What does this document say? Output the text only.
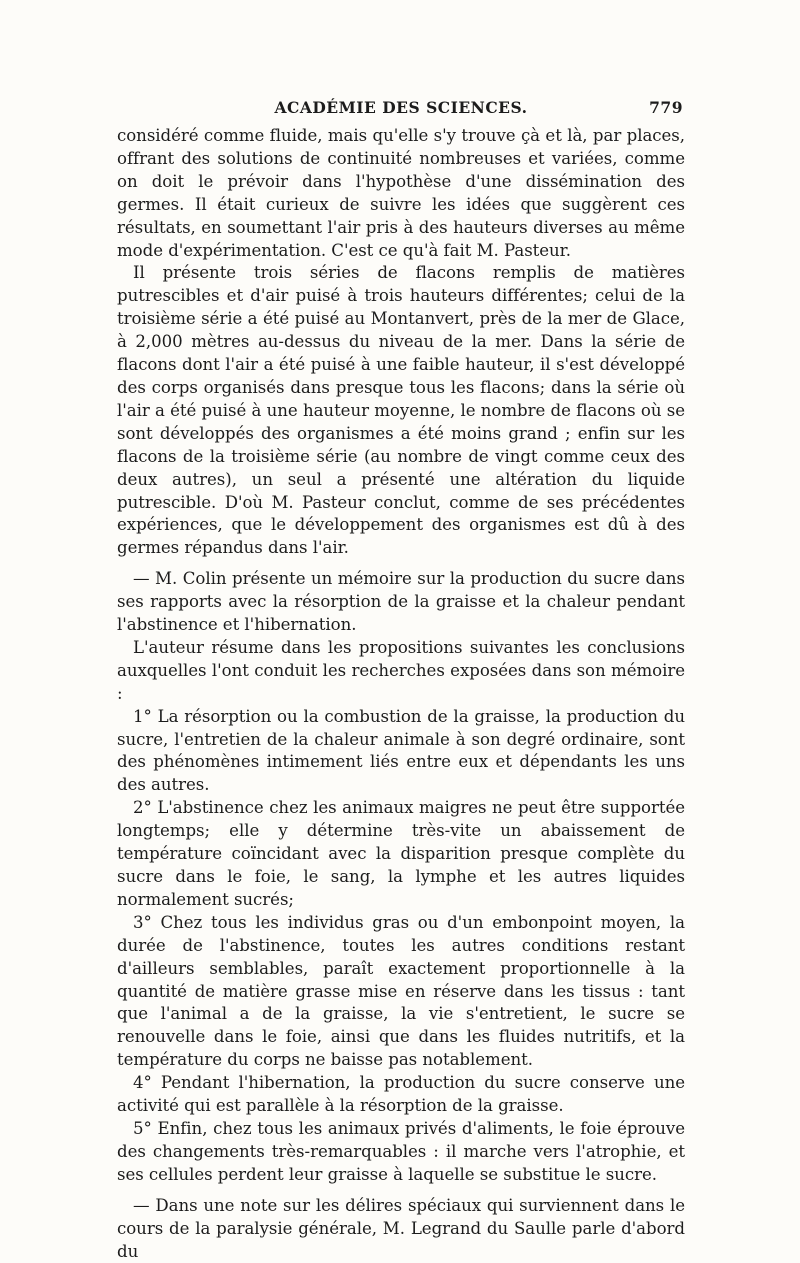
ACADÉMIE DES SCIENCES.	779

considéré comme fluide, mais qu'elle s'y trouve çà et là, par places, offrant des solutions de continuité nombreuses et variées, comme on doit le prévoir dans l'hypothèse d'une dissémination des germes. Il était curieux de suivre les idées que suggèrent ces résultats, en soumettant l'air pris à des hauteurs diverses au même mode d'expérimentation. C'est ce qu'à fait M. Pasteur.

Il présente trois séries de flacons remplis de matières putrescibles et d'air puisé à trois hauteurs différentes; celui de la troisième série a été puisé au Montanvert, près de la mer de Glace, à 2,000 mètres au-dessus du niveau de la mer. Dans la série de flacons dont l'air a été puisé à une faible hauteur, il s'est développé des corps organisés dans presque tous les flacons; dans la série où l'air a été puisé à une hauteur moyenne, le nombre de flacons où se sont développés des organismes a été moins grand ; enfin sur les flacons de la troisième série (au nombre de vingt comme ceux des deux autres), un seul a présenté une altération du liquide putrescible. D'où M. Pasteur conclut, comme de ses précédentes expériences, que le développement des organismes est dû à des germes répandus dans l'air.

— M. Colin présente un mémoire sur la production du sucre dans ses rapports avec la résorption de la graisse et la chaleur pendant l'abstinence et l'hibernation.

L'auteur résume dans les propositions suivantes les conclusions auxquelles l'ont conduit les recherches exposées dans son mémoire :

1° La résorption ou la combustion de la graisse, la production du sucre, l'entretien de la chaleur animale à son degré ordinaire, sont des phénomènes intimement liés entre eux et dépendants les uns des autres.

2° L'abstinence chez les animaux maigres ne peut être supportée longtemps; elle y détermine très-vite un abaissement de température coïncidant avec la disparition presque complète du sucre dans le foie, le sang, la lymphe et les autres liquides normalement sucrés;

3° Chez tous les individus gras ou d'un embonpoint moyen, la durée de l'abstinence, toutes les autres conditions restant d'ailleurs semblables, paraît exactement proportionnelle à la quantité de matière grasse mise en réserve dans les tissus : tant que l'animal a de la graisse, la vie s'entretient, le sucre se renouvelle dans le foie, ainsi que dans les fluides nutritifs, et la température du corps ne baisse pas notablement.

4° Pendant l'hibernation, la production du sucre conserve une activité qui est parallèle à la résorption de la graisse.

5° Enfin, chez tous les animaux privés d'aliments, le foie éprouve des changements très-remarquables : il marche vers l'atrophie, et ses cellules perdent leur graisse à laquelle se substitue le sucre.

— Dans une note sur les délires spéciaux qui surviennent dans le cours de la paralysie générale, M. Legrand du Saulle parle d'abord du
